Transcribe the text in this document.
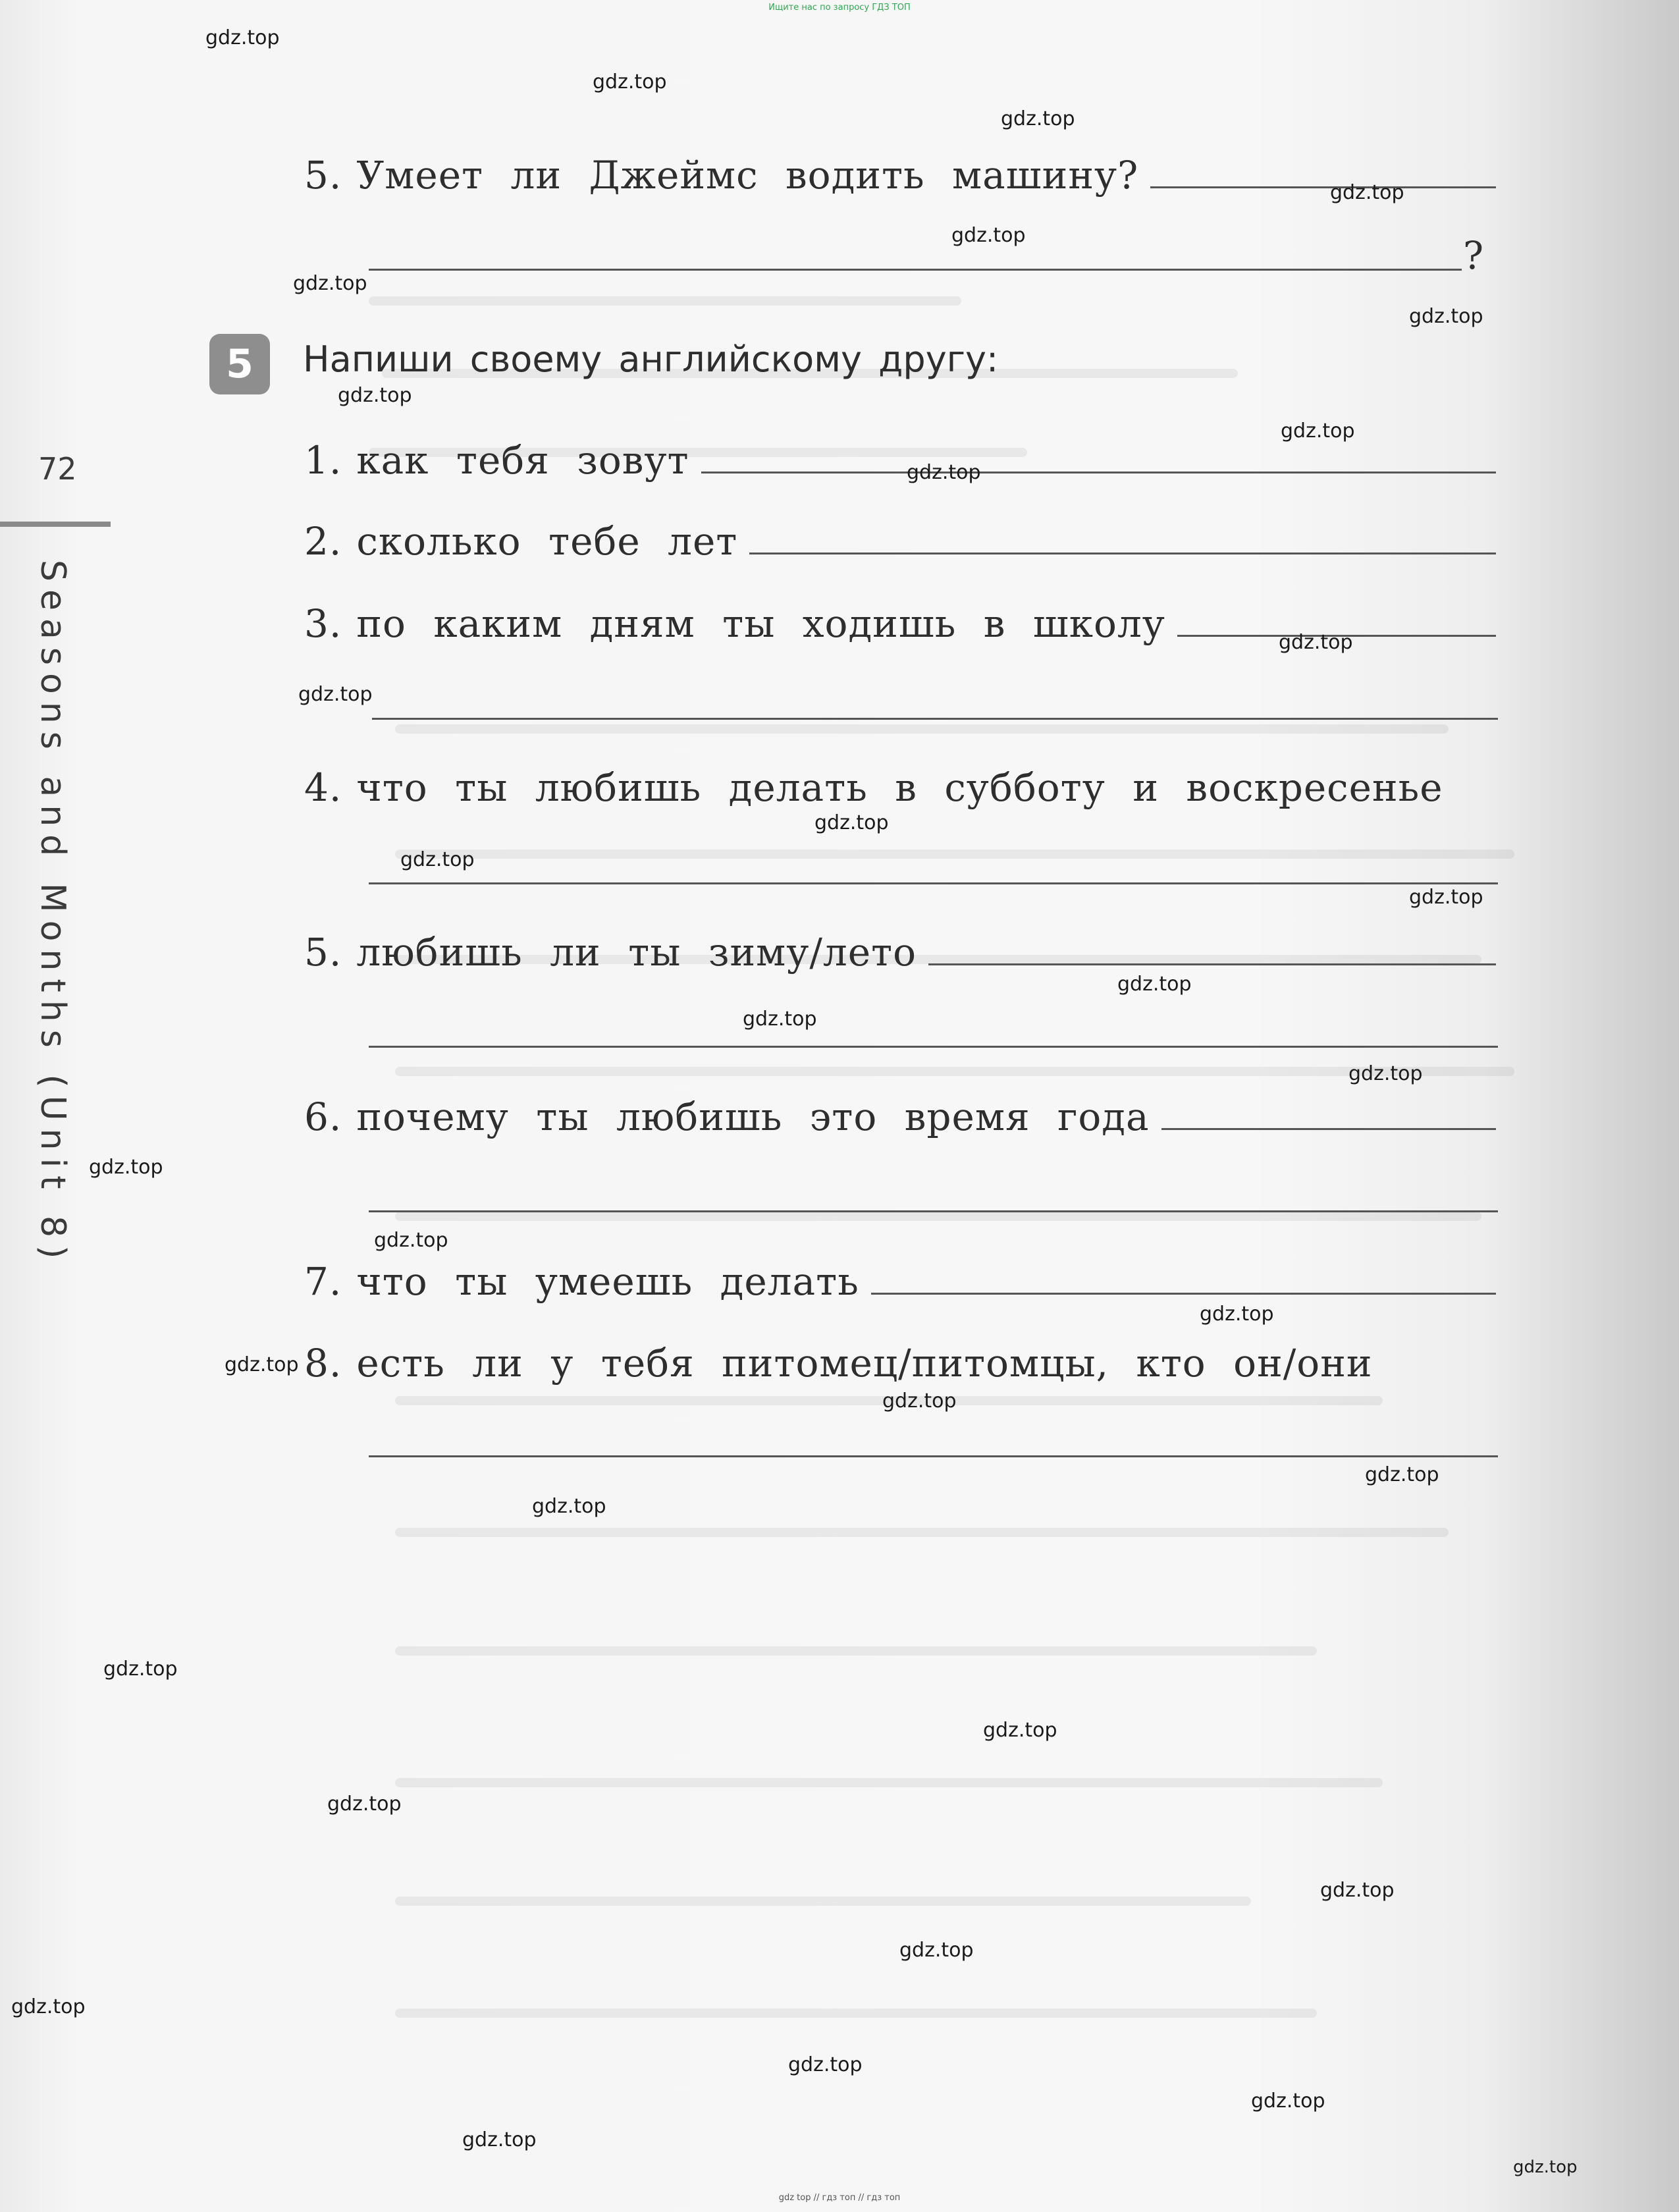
Ищите нас по запросу ГДЗ ТОП
5. Умеет ли Джеймс водить машину?
?
5	Напиши своему английскому другу:
1. как тебя зовут
2. сколько тебе лет
3. по каким дням ты ходишь в школу
4. что ты любишь делать в субботу и воскресенье
5. любишь ли ты зиму/лето
6. почему ты любишь это время года
7. что ты умеешь делать
8. есть ли у тебя питомец/питомцы, кто он/они
72
Seasons and Months (Unit 8)
gdz.top
gdz.top
gdz.top
gdz.top
gdz.top
gdz.top
gdz.top
gdz.top
gdz.top
gdz.top
gdz.top
gdz.top
gdz.top
gdz.top
gdz.top
gdz.top
gdz.top
gdz.top
gdz.top
gdz.top
gdz.top
gdz.top
gdz.top
gdz.top
gdz.top
gdz.top
gdz.top
gdz.top
gdz.top
gdz.top
gdz.top
gdz.top
gdz.top
gdz.top
gdz.top
gdz top // гдз топ // гдз топ
